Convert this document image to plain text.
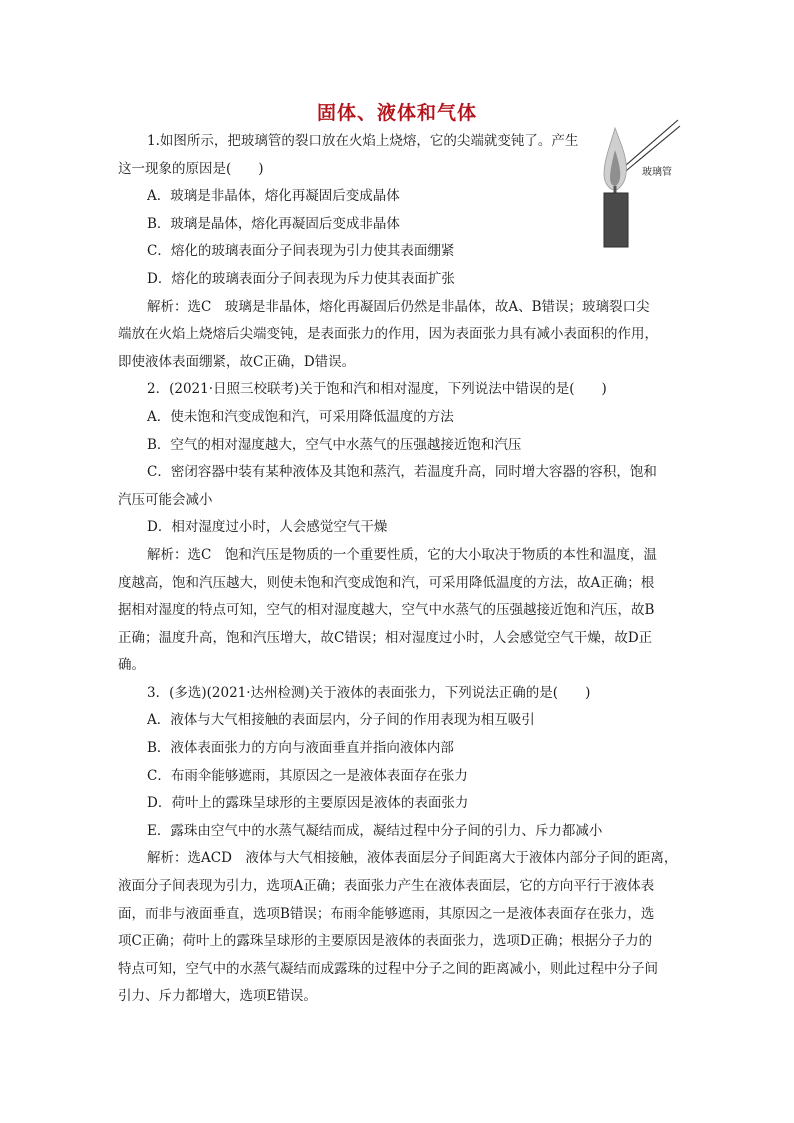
固体、液体和气体
玻璃管
1.如图所示，把玻璃管的裂口放在火焰上烧熔，它的尖端就变钝了。产生
这一现象的原因是(　　)
A．玻璃是非晶体，熔化再凝固后变成晶体
B．玻璃是晶体，熔化再凝固后变成非晶体
C．熔化的玻璃表面分子间表现为引力使其表面绷紧
D．熔化的玻璃表面分子间表现为斥力使其表面扩张
解析：选C　玻璃是非晶体，熔化再凝固后仍然是非晶体，故A、B错误；玻璃裂口尖
端放在火焰上烧熔后尖端变钝，是表面张力的作用，因为表面张力具有减小表面积的作用，
即使液体表面绷紧，故C正确，D错误。
2．(2021·日照三校联考)关于饱和汽和相对湿度，下列说法中错误的是(　　)
A．使未饱和汽变成饱和汽，可采用降低温度的方法
B．空气的相对湿度越大，空气中水蒸气的压强越接近饱和汽压
C．密闭容器中装有某种液体及其饱和蒸汽，若温度升高，同时增大容器的容积，饱和
汽压可能会减小
D．相对湿度过小时，人会感觉空气干燥
解析：选C　饱和汽压是物质的一个重要性质，它的大小取决于物质的本性和温度，温
度越高，饱和汽压越大，则使未饱和汽变成饱和汽，可采用降低温度的方法，故A正确；根
据相对湿度的特点可知，空气的相对湿度越大，空气中水蒸气的压强越接近饱和汽压，故B
正确；温度升高，饱和汽压增大，故C错误；相对湿度过小时，人会感觉空气干燥，故D正
确。
3．(多选)(2021·达州检测)关于液体的表面张力，下列说法正确的是(　　)
A．液体与大气相接触的表面层内，分子间的作用表现为相互吸引
B．液体表面张力的方向与液面垂直并指向液体内部
C．布雨伞能够遮雨，其原因之一是液体表面存在张力
D．荷叶上的露珠呈球形的主要原因是液体的表面张力
E．露珠由空气中的水蒸气凝结而成，凝结过程中分子间的引力、斥力都减小
解析：选ACD　液体与大气相接触，液体表面层分子间距离大于液体内部分子间的距离，
液面分子间表现为引力，选项A正确；表面张力产生在液体表面层，它的方向平行于液体表
面，而非与液面垂直，选项B错误；布雨伞能够遮雨，其原因之一是液体表面存在张力，选
项C正确；荷叶上的露珠呈球形的主要原因是液体的表面张力，选项D正确；根据分子力的
特点可知，空气中的水蒸气凝结而成露珠的过程中分子之间的距离减小，则此过程中分子间
引力、斥力都增大，选项E错误。
